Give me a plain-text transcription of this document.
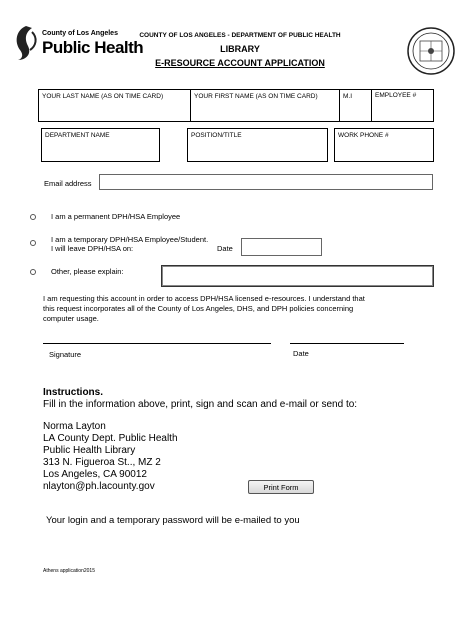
County of Los Angeles
Public Health
COUNTY OF LOS ANGELES - DEPARTMENT OF PUBLIC HEALTH
LIBRARY
E-RESOURCE ACCOUNT APPLICATION
YOUR LAST NAME (AS ON TIME CARD)	YOUR FIRST NAME (AS ON TIME CARD)	M.I	EMPLOYEE #
DEPARTMENT NAME	POSITION/TITLE	WORK PHONE #
Email address
I am a permanent DPH/HSA Employee
I am a temporary DPH/HSA Employee/Student.
I will leave DPH/HSA on:	Date
Other, please explain:
I am requesting this account in order to access DPH/HSA licensed e-resources. I understand that
this request incorporates all of the County of Los Angeles, DHS, and DPH policies concerning
computer usage.
Signature	Date
Instructions.
Fill in the information above, print, sign and scan and e-mail or send to:
Norma Layton
LA County Dept. Public Health
Public Health Library
313 N. Figueroa St.., MZ 2
Los Angeles, CA 90012
nlayton@ph.lacounty.gov	Print Form
Your login and a temporary password will be e-mailed to you
Athens application2015
